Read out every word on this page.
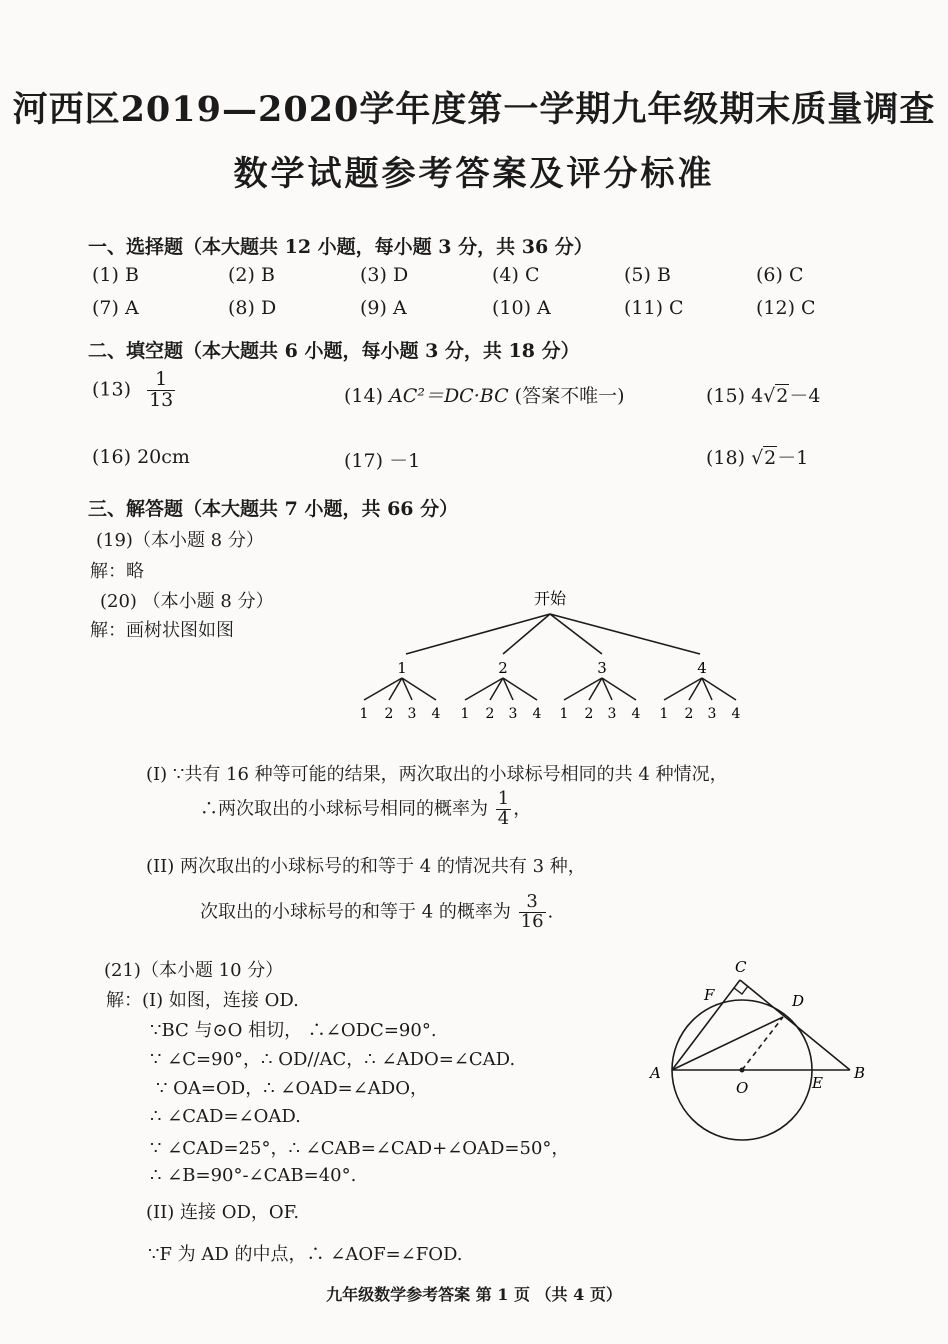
河西区2019—2020学年度第一学期九年级期末质量调查
数学试题参考答案及评分标准
一、选择题（本大题共 12 小题，每小题 3 分，共 36 分）
(1) B	(2) B	(3) D	(4) C	(5) B	(6) C
(7) A	(8) D	(9) A	(10) A	(11) C	(12) C
二、填空题（本大题共 6 小题，每小题 3 分，共 18 分）
$(13) \frac{1}{13}$	(14) AC²＝DC·BC (答案不唯一)	(15) 4√2－4
(16) 20cm	(17) －1	(18) √2－1
三、解答题（本大题共 7 小题，共 66 分）
(19)（本小题 8 分）
解：略
(20) （本小题 8 分）
解：画树状图如图
开始
1
1 2 3 4
2
1 2 3 4
3
1 2 3 4
4
1 2 3 4
(I) ∵共有 16 种等可能的结果，两次取出的小球标号相同的共 4 种情况，
∴两次取出的小球标号相同的概率为 $\frac{1}{4}$ ，
(II) 两次取出的小球标号的和等于 4 的情况共有 3 种，
次取出的小球标号的和等于 4 的概率为 $\frac{3}{16}$ .
(21)（本小题 10 分）
解：(I) 如图，连接 OD.
∵BC 与⊙O 相切， ∴∠ODC=90°.
∵ ∠C=90°，∴ OD//AC，∴ ∠ADO=∠CAD.
∵ OA=OD，∴ ∠OAD=∠ADO，
∴ ∠CAD=∠OAD.
∵ ∠CAD=25°，∴ ∠CAB=∠CAD+∠OAD=50°，
∴ ∠B=90°-∠CAB=40°.
(II) 连接 OD，OF.
∵F 为 AD 的中点，∴ ∠AOF=∠FOD.
C
F	D
A
O	E
B
九年级数学参考答案 第 1 页 （共 4 页）
